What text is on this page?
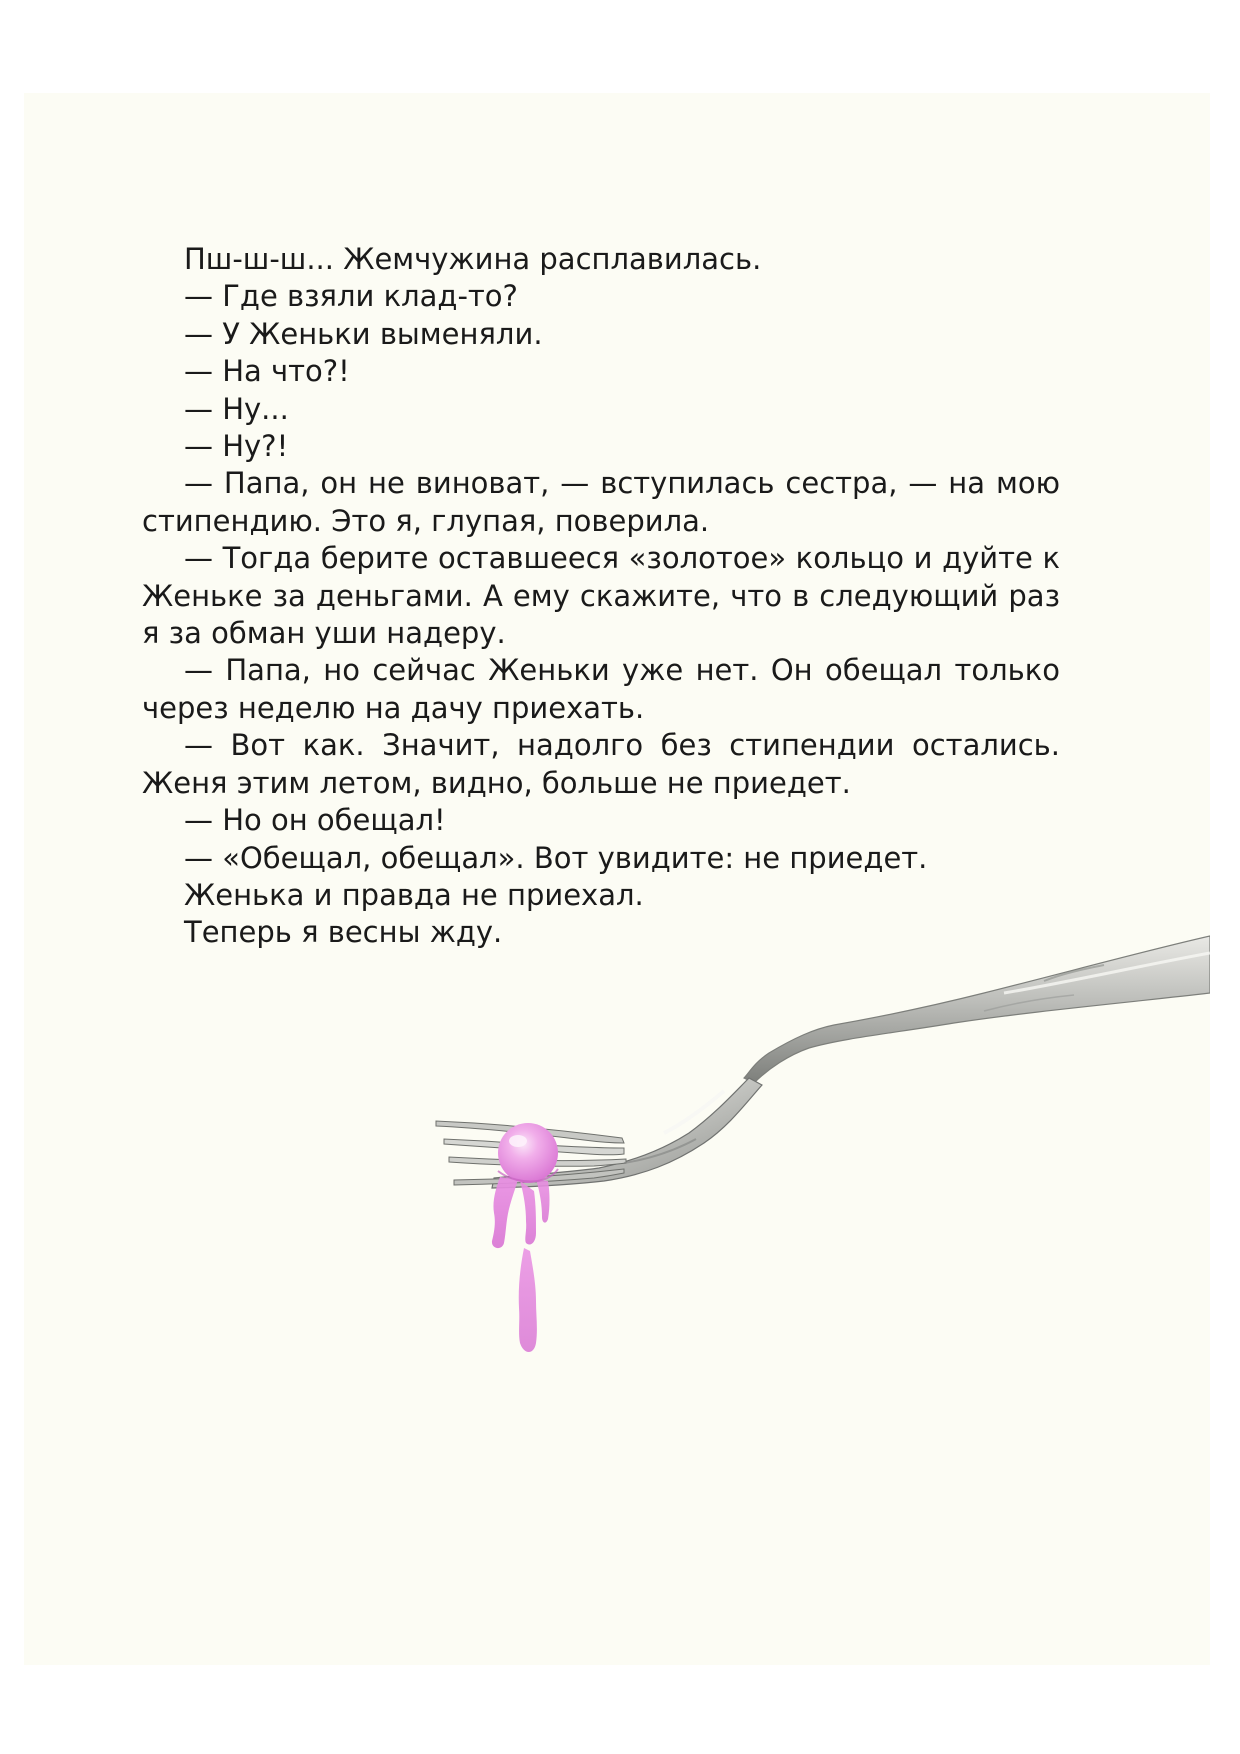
Пш-ш-ш... Жемчужина расплавилась.

— Где взяли клад-то?

— У Женьки выменяли.

— На что?!

— Ну...

— Ну?!

— Папа, он не виноват, — вступилась сестра, — на мою стипендию. Это я, глупая, поверила.

— Тогда берите оставшееся «золотое» кольцо и дуйте к Женьке за деньгами. А ему скажите, что в следующий раз я за обман уши надеру.

— Папа, но сейчас Женьки уже нет. Он обещал только через неделю на дачу приехать.

— Вот как. Значит, надолго без стипендии остались. Женя этим летом, видно, больше не приедет.

— Но он обещал!

— «Обещал, обещал». Вот увидите: не приедет.

Женька и правда не приехал.

Теперь я весны жду.
